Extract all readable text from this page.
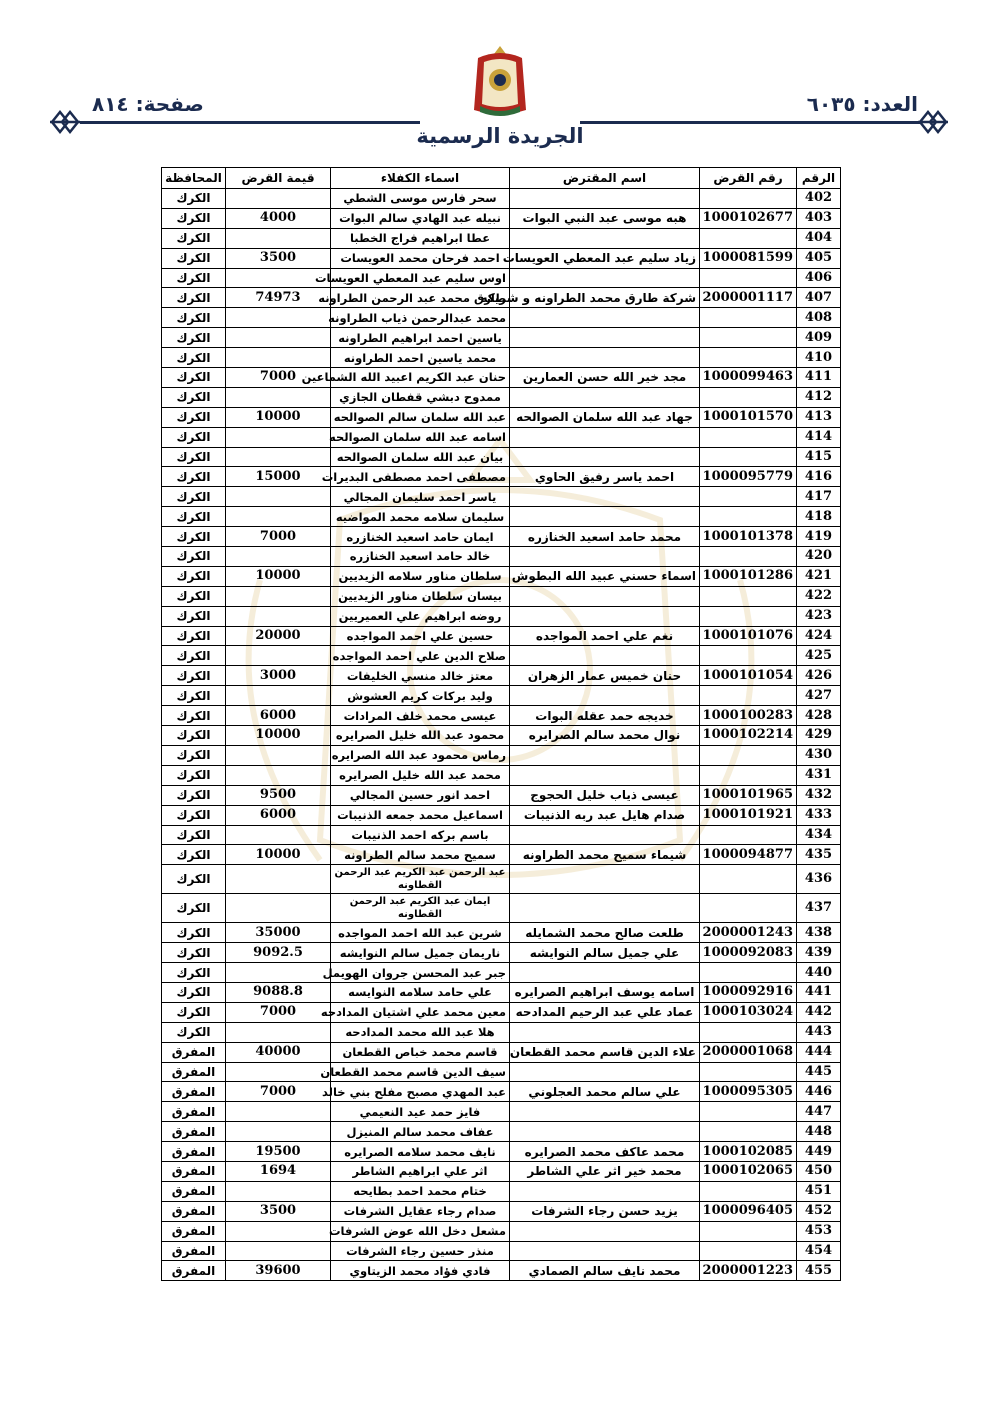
صفحة: ٨١٤	العدد: ٦٠٣٥
الجريدة الرسمية
الرقم	رقم القرض	اسم المقترض	اسماء الكفلاء	قيمة القرض	المحافظة
402			سحر فارس موسى الشطي		الكرك
403	1000102677	هبه موسى عبد النبي البوات	نبيله عبد الهادي سالم البوات	4000	الكرك
404			عطا ابراهيم فراج الخطبا		الكرك
405	1000081599	زياد سليم عبد المعطي العويسات	احمد فرحان محمد العويسات	3500	الكرك
406			اوس سليم عبد المعطي العويسات		الكرك
407	2000001117	شركة طارق محمد الطراونه و شريكه	طارق محمد عبد الرحمن الطراونه	74973	الكرك
408			محمد عبدالرحمن ذياب الطراونه		الكرك
409			ياسين احمد ابراهيم الطراونه		الكرك
410			محمد ياسين احمد الطراونه		الكرك
411	1000099463	مجد خير الله حسن العمارين	حنان عبد الكريم اعبيد الله الشماعين	7000	الكرك
412			ممدوح دبشي قفطان الجازي		الكرك
413	1000101570	جهاد عبد الله سلمان الصوالحه	عبد الله سلمان سالم الصوالحه	10000	الكرك
414			اسامه عبد الله سلمان الصوالحه		الكرك
415			بيان عبد الله سلمان الصوالحه		الكرك
416	1000095779	احمد ياسر رفيق الحاوي	مصطفى احمد مصطفى البديرات	15000	الكرك
417			ياسر احمد سليمان المجالي		الكرك
418			سليمان سلامه محمد المواضيه		الكرك
419	1000101378	محمد حامد اسعيد الخنازره	ايمان حامد اسعيد الخنازره	7000	الكرك
420			خالد حامد اسعيد الخنازره		الكرك
421	1000101286	اسماء حسني عبيد الله البطوش	سلطان مناور سلامه الزيديين	10000	الكرك
422			بيسان سلطان مناور الزيديين		الكرك
423			روضه ابراهيم علي العميريين		الكرك
424	1000101076	نغم علي احمد المواجده	حسين علي احمد المواجده	20000	الكرك
425			صلاح الدين علي احمد المواجده		الكرك
426	1000101054	حنان خميس عمار الزهران	معتز خالد منسي الخليفات	3000	الكرك
427			وليد بركات كريم العشوش		الكرك
428	1000100283	خديجه حمد عقله البوات	عيسى محمد خلف المرادات	6000	الكرك
429	1000102214	نوال محمد سالم الصرايره	محمود عبد الله خليل الصرايره	10000	الكرك
430			رماس محمود عبد الله الصرايره		الكرك
431			محمد عبد الله خليل الصرايره		الكرك
432	1000101965	عيسى ذياب خليل الحجوج	احمد انور حسين المجالي	9500	الكرك
433	1000101921	صدام هايل عبد ربه الذنيبات	اسماعيل محمد جمعه الذنيبات	6000	الكرك
434			باسم بركه احمد الذنيبات		الكرك
435	1000094877	شيماء سميح محمد الطراونه	سميح محمد سالم الطراونه	10000	الكرك
436			عبد الرحمن عبد الكريم عبد الرحمن القطاونه		الكرك
437			ايمان عبد الكريم عبد الرحمن القطاونه		الكرك
438	2000001243	طلعت صالح محمد الشمايله	شرين عبد الله احمد المواجده	35000	الكرك
439	1000092083	علي جميل سالم النوايشه	ناريمان جميل سالم النوايشه	9092.5	الكرك
440			جبر عبد المحسن جروان الهويمل		الكرك
441	1000092916	اسامه يوسف ابراهيم الصرايره	علي حامد سلامه النوايسه	9088.8	الكرك
442	1000103024	عماد علي عبد الرحيم المدادحه	معين محمد علي اشتيان المدادحه	7000	الكرك
443			هلا عبد الله محمد المدادحه		الكرك
444	2000001068	علاء الدين قاسم محمد القطعان	قاسم محمد خباص القطعان	40000	المفرق
445			سيف الدين قاسم محمد القطعان		المفرق
446	1000095305	علي سالم محمد العجلوني	عبد المهدي مصبح مفلح بني خالد	7000	المفرق
447			فايز حمد عيد النعيمي		المفرق
448			عفاف محمد سالم المنيزل		المفرق
449	1000102085	محمد عاكف محمد الصرايره	نايف محمد سلامه الصرايره	19500	المفرق
450	1000102065	محمد خير اثر علي الشاطر	اثر علي ابراهيم الشاطر	1694	المفرق
451			ختام محمد احمد بطايحه		المفرق
452	1000096405	يزيد حسن رجاء الشرفات	صدام رجاء عقايل الشرفات	3500	المفرق
453			مشعل دخل الله عوض الشرفات		المفرق
454			منذر حسين رجاء الشرفات		المفرق
455	2000001223	محمد نايف سالم الصمادي	فادي فؤاد محمد الزيتاوي	39600	المفرق
